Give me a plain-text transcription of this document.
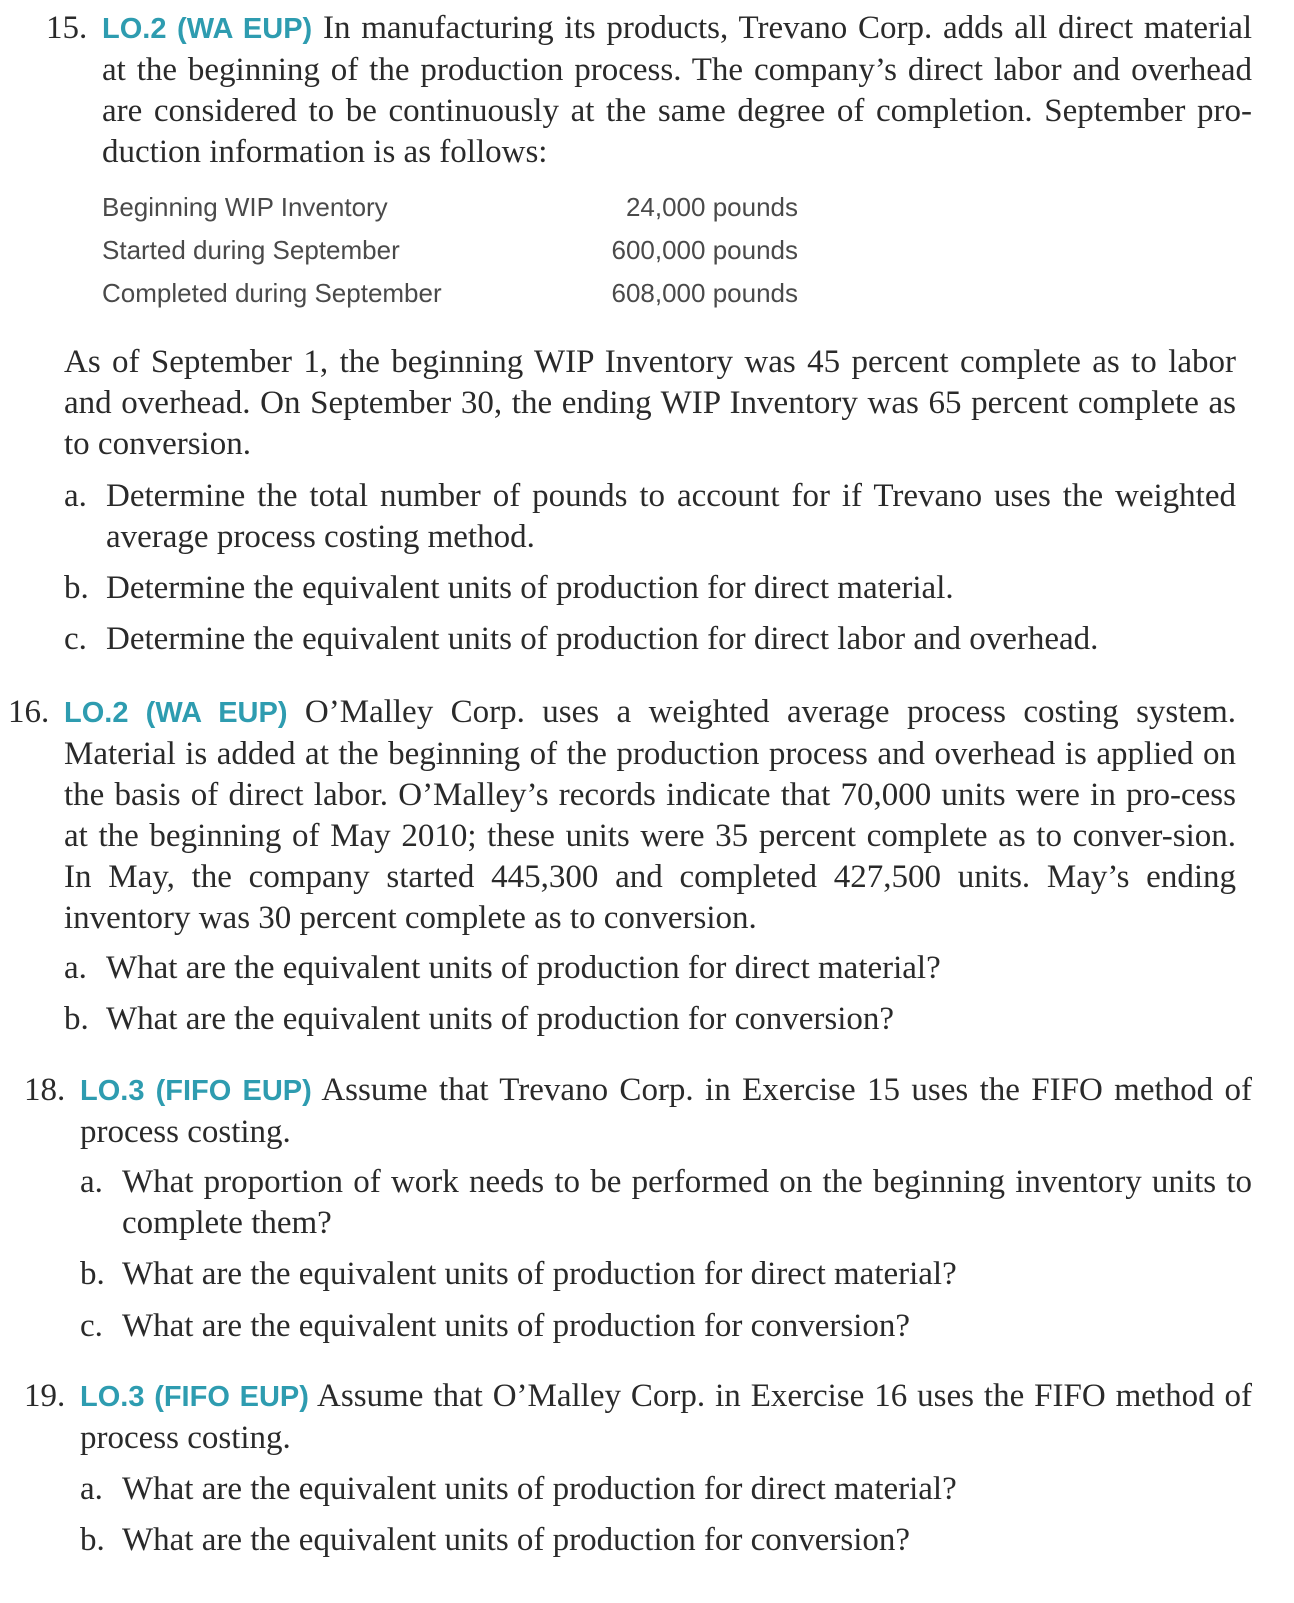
15. LO.2 (WA EUP) In manufacturing its products, Trevano Corp. adds all direct material at the beginning of the production process. The company’s direct labor and overhead are considered to be continuously at the same degree of completion. September pro-duction information is as follows:

Beginning WIP Inventory	24,000 pounds
Started during September	600,000 pounds
Completed during September	608,000 pounds

As of September 1, the beginning WIP Inventory was 45 percent complete as to labor and overhead. On September 30, the ending WIP Inventory was 65 percent complete as to conversion.

a. Determine the total number of pounds to account for if Trevano uses the weighted average process costing method.
b. Determine the equivalent units of production for direct material.
c. Determine the equivalent units of production for direct labor and overhead.
16. LO.2 (WA EUP) O’Malley Corp. uses a weighted average process costing system. Material is added at the beginning of the production process and overhead is applied on the basis of direct labor. O’Malley’s records indicate that 70,000 units were in pro-cess at the beginning of May 2010; these units were 35 percent complete as to conver-sion. In May, the company started 445,300 and completed 427,500 units. May’s ending inventory was 30 percent complete as to conversion.

a. What are the equivalent units of production for direct material?
b. What are the equivalent units of production for conversion?
18. LO.3 (FIFO EUP) Assume that Trevano Corp. in Exercise 15 uses the FIFO method of process costing.

a. What proportion of work needs to be performed on the beginning inventory units to complete them?
b. What are the equivalent units of production for direct material?
c. What are the equivalent units of production for conversion?
19. LO.3 (FIFO EUP) Assume that O’Malley Corp. in Exercise 16 uses the FIFO method of process costing.

a. What are the equivalent units of production for direct material?
b. What are the equivalent units of production for conversion?
